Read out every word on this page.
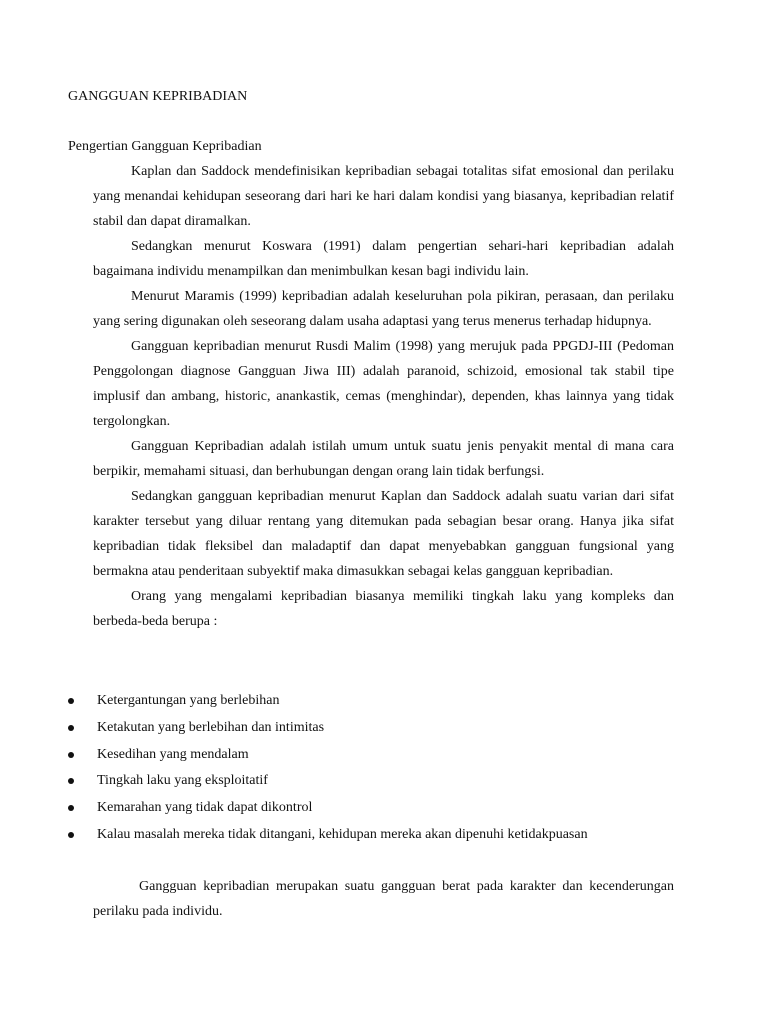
GANGGUAN KEPRIBADIAN
Pengertian Gangguan Kepribadian

Kaplan dan Saddock mendefinisikan kepribadian sebagai totalitas sifat emosional dan perilaku yang menandai kehidupan seseorang dari hari ke hari dalam kondisi yang biasanya, kepribadian relatif stabil dan dapat diramalkan.

Sedangkan menurut Koswara (1991) dalam pengertian sehari-hari kepribadian adalah bagaimana individu menampilkan dan menimbulkan kesan bagi individu lain.

Menurut Maramis (1999) kepribadian adalah keseluruhan pola pikiran, perasaan, dan perilaku yang sering digunakan oleh seseorang dalam usaha adaptasi yang terus menerus terhadap hidupnya.

Gangguan kepribadian menurut Rusdi Malim (1998) yang merujuk pada PPGDJ-III (Pedoman Penggolongan diagnose Gangguan Jiwa III) adalah paranoid, schizoid, emosional tak stabil tipe implusif dan ambang, historic, anankastik, cemas (menghindar), dependen, khas lainnya yang tidak tergolongkan.

Gangguan Kepribadian adalah istilah umum untuk suatu jenis penyakit mental di mana cara berpikir, memahami situasi, dan berhubungan dengan orang lain tidak berfungsi.

Sedangkan gangguan kepribadian menurut Kaplan dan Saddock adalah suatu varian dari sifat karakter tersebut yang diluar rentang yang ditemukan pada sebagian besar orang. Hanya jika sifat kepribadian tidak fleksibel dan maladaptif dan dapat menyebabkan gangguan fungsional yang bermakna atau penderitaan subyektif maka dimasukkan sebagai kelas gangguan kepribadian.

Orang yang mengalami kepribadian biasanya memiliki tingkah laku yang kompleks dan berbeda-beda berupa :

Ketergantungan yang berlebihan
Ketakutan yang berlebihan dan intimitas
Kesedihan yang mendalam
Tingkah laku yang eksploitatif
Kemarahan yang tidak dapat dikontrol
Kalau masalah mereka tidak ditangani, kehidupan mereka akan dipenuhi ketidakpuasan

Gangguan kepribadian merupakan suatu gangguan berat pada karakter dan kecenderungan perilaku pada individu.
